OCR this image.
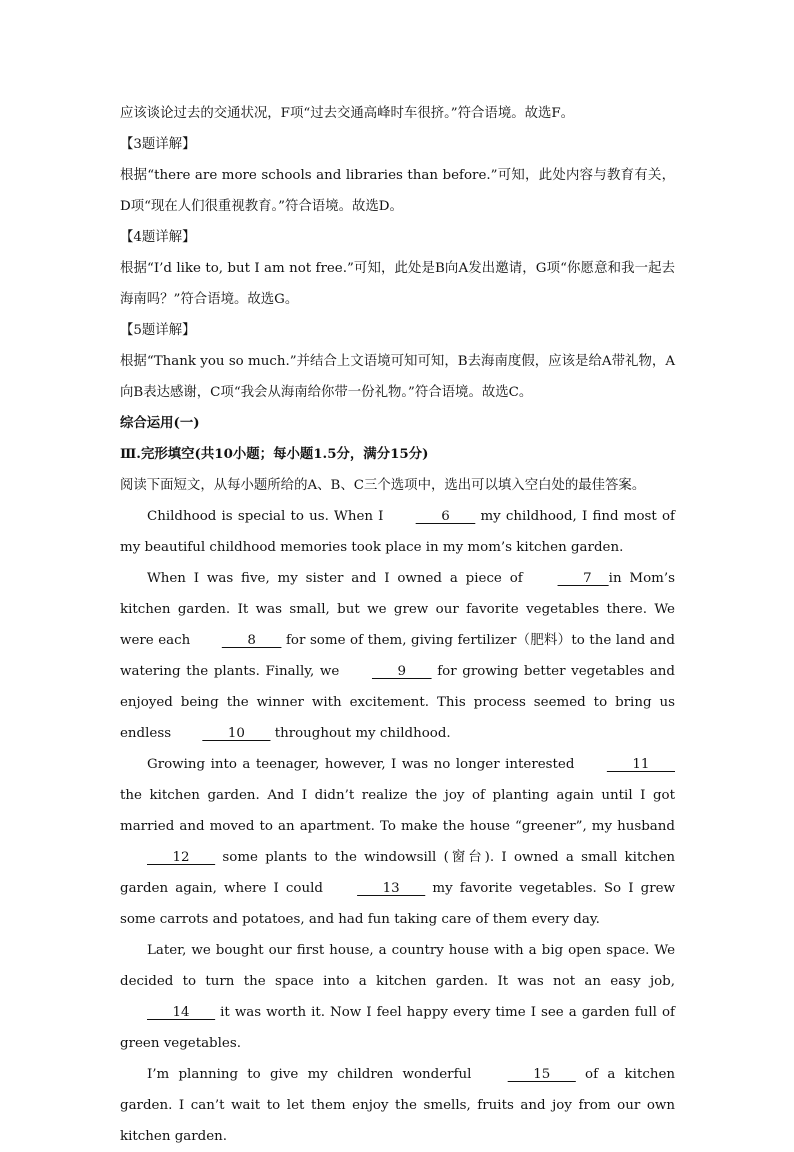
应该谈论过去的交通状况，F项“过去交通高峰时车很挤。”符合语境。故选F。
【3题详解】
根据“there are more schools and libraries than before.”可知，此处内容与教育有关，D项“现在人们很重视教育。”符合语境。故选D。
【4题详解】
根据“I’d like to, but I am not free.”可知，此处是B向A发出邀请，G项“你愿意和我一起去海南吗？”符合语境。故选G。
【5题详解】
根据“Thank you so much.”并结合上文语境可知可知，B去海南度假，应该是给A带礼物，A向B表达感谢，C项“我会从海南给你带一份礼物。”符合语境。故选C。
综合运用(一)
Ⅲ.完形填空(共10小题；每小题1.5分，满分15分)
阅读下面短文，从每小题所给的A、B、C三个选项中，选出可以填入空白处的最佳答案。
Childhood is special to us. When I       6       my childhood, I find most of my beautiful childhood memories took place in my mom’s kitchen garden.
When I was five, my sister and I owned a piece of       7    in Mom’s kitchen garden. It was small, but we grew our favorite vegetables there. We were each       8       for some of them, giving fertilizer（肥料）to the land and watering the plants. Finally, we       9       for growing better vegetables and enjoyed being the winner with excitement. This process seemed to bring us endless       10       throughout my childhood.
Growing into a teenager, however, I was no longer interested       11       the kitchen garden. And I didn’t realize the joy of planting again until I got married and moved to an apartment. To make the house “greener”, my husband       12       some plants to the windowsill (窗台). I owned a small kitchen garden again, where I could       13       my favorite vegetables. So I grew some carrots and potatoes, and had fun taking care of them every day.
Later, we bought our first house, a country house with a big open space. We decided to turn the space into a kitchen garden. It was not an easy job,       14       it was worth it. Now I feel happy every time I see a garden full of green vegetables.
I’m planning to give my children wonderful       15       of a kitchen garden. I can’t wait to let them enjoy the smells, fruits and joy from our own kitchen garden.
